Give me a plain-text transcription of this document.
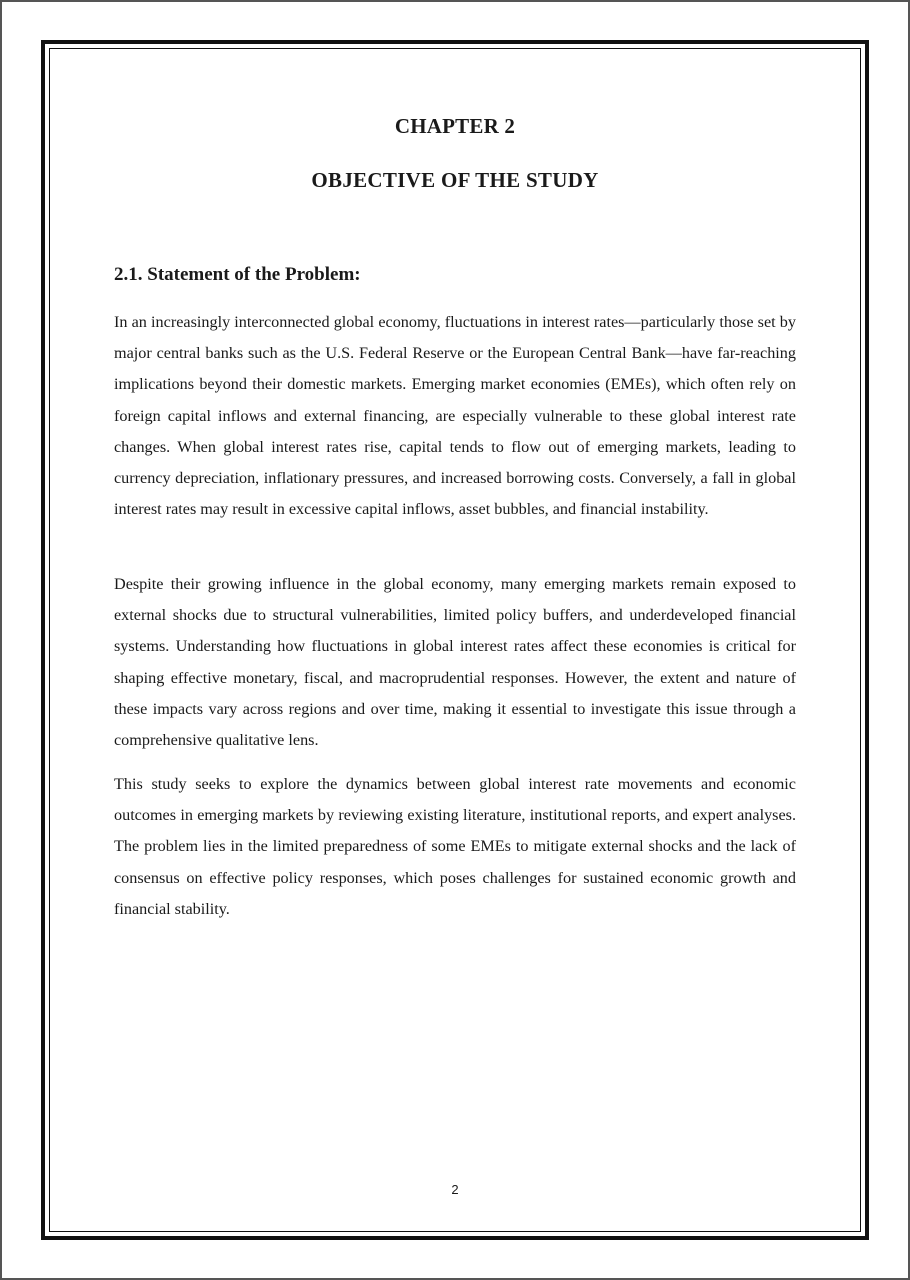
CHAPTER 2
OBJECTIVE OF THE STUDY
2.1. Statement of the Problem:

In an increasingly interconnected global economy, fluctuations in interest rates—particularly those set by major central banks such as the U.S. Federal Reserve or the European Central Bank—have far-reaching implications beyond their domestic markets. Emerging market economies (EMEs), which often rely on foreign capital inflows and external financing, are especially vulnerable to these global interest rate changes. When global interest rates rise, capital tends to flow out of emerging markets, leading to currency depreciation, inflationary pressures, and increased borrowing costs. Conversely, a fall in global interest rates may result in excessive capital inflows, asset bubbles, and financial instability.

Despite their growing influence in the global economy, many emerging markets remain exposed to external shocks due to structural vulnerabilities, limited policy buffers, and underdeveloped financial systems. Understanding how fluctuations in global interest rates affect these economies is critical for shaping effective monetary, fiscal, and macroprudential responses. However, the extent and nature of these impacts vary across regions and over time, making it essential to investigate this issue through a comprehensive qualitative lens.

This study seeks to explore the dynamics between global interest rate movements and economic outcomes in emerging markets by reviewing existing literature, institutional reports, and expert analyses. The problem lies in the limited preparedness of some EMEs to mitigate external shocks and the lack of consensus on effective policy responses, which poses challenges for sustained economic growth and financial stability.

2
